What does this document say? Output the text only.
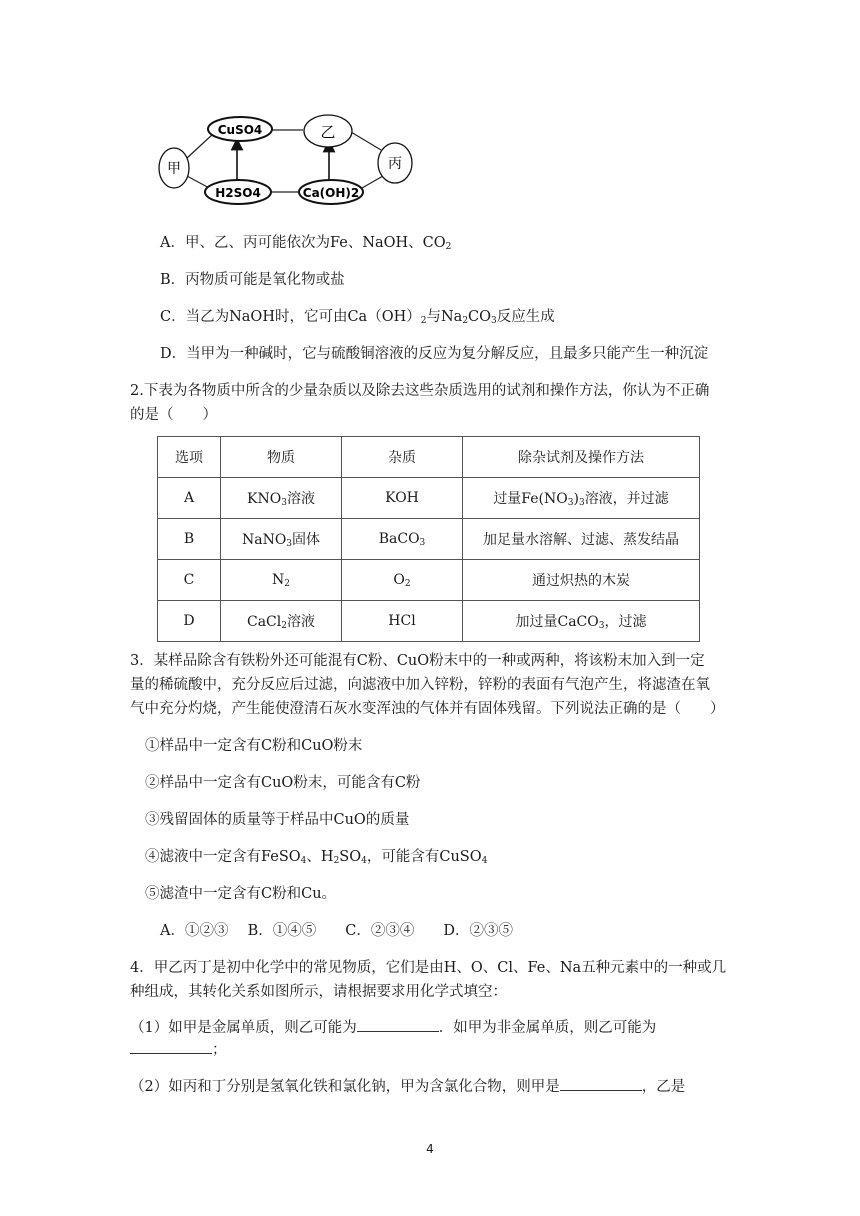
CuSO4	乙
甲	丙
H2SO4	Ca(OH)2
A．甲、乙、丙可能依次为Fe、NaOH、$CO_2$
B．丙物质可能是氧化物或盐
C．当乙为NaOH时，它可由$Ca(OH)_2$与$Na_2CO_3$反应生成
D．当甲为一种碱时，它与硫酸铜溶液的反应为复分解反应，且最多只能产生一种沉淀
2.下表为各物质中所含的少量杂质以及除去这些杂质选用的试剂和操作方法，你认为不正确
的是（　　）
选项	物质	杂质	除杂试剂及操作方法
A	$KNO_3$溶液	KOH	过量$Fe(NO_3)_3$溶液，并过滤
B	NaNO$_3$固体	BaCO$_3$	加足量水溶解、过滤、蒸发结晶
C	$N_2$	$O_2$	通过炽热的木炭
D	CaCl$_2$溶液	HCl	加过量CaCO$_3$，过滤
3．某样品除含有铁粉外还可能混有C粉、CuO粉末中的一种或两种，将该粉末加入到一定
量的稀硫酸中，充分反应后过滤，向滤液中加入锌粉，锌粉的表面有气泡产生，将滤渣在氧
气中充分灼烧，产生能使澄清石灰水变浑浊的气体并有固体残留。下列说法正确的是（　　）
①样品中一定含有C粉和CuO粉末
②样品中一定含有CuO粉末，可能含有C粉
③残留固体的质量等于样品中CuO的质量
④滤液中一定含有FeSO$_4$、$H_2SO_4$，可能含有CuSO$_4$
⑤滤渣中一定含有C粉和Cu。
A．①②③　 B．①④⑤　　C．②③④　　D．②③⑤
4．甲乙丙丁是初中化学中的常见物质，它们是由H、O、Cl、Fe、Na五种元素中的一种或几
种组成，其转化关系如图所示，请根据要求用化学式填空：
（1）如甲是金属单质，则乙可能为	．如甲为非金属单质，则乙可能为
；
（2）如丙和丁分别是氢氧化铁和氯化钠，甲为含氯化合物，则甲是	，乙是
4
